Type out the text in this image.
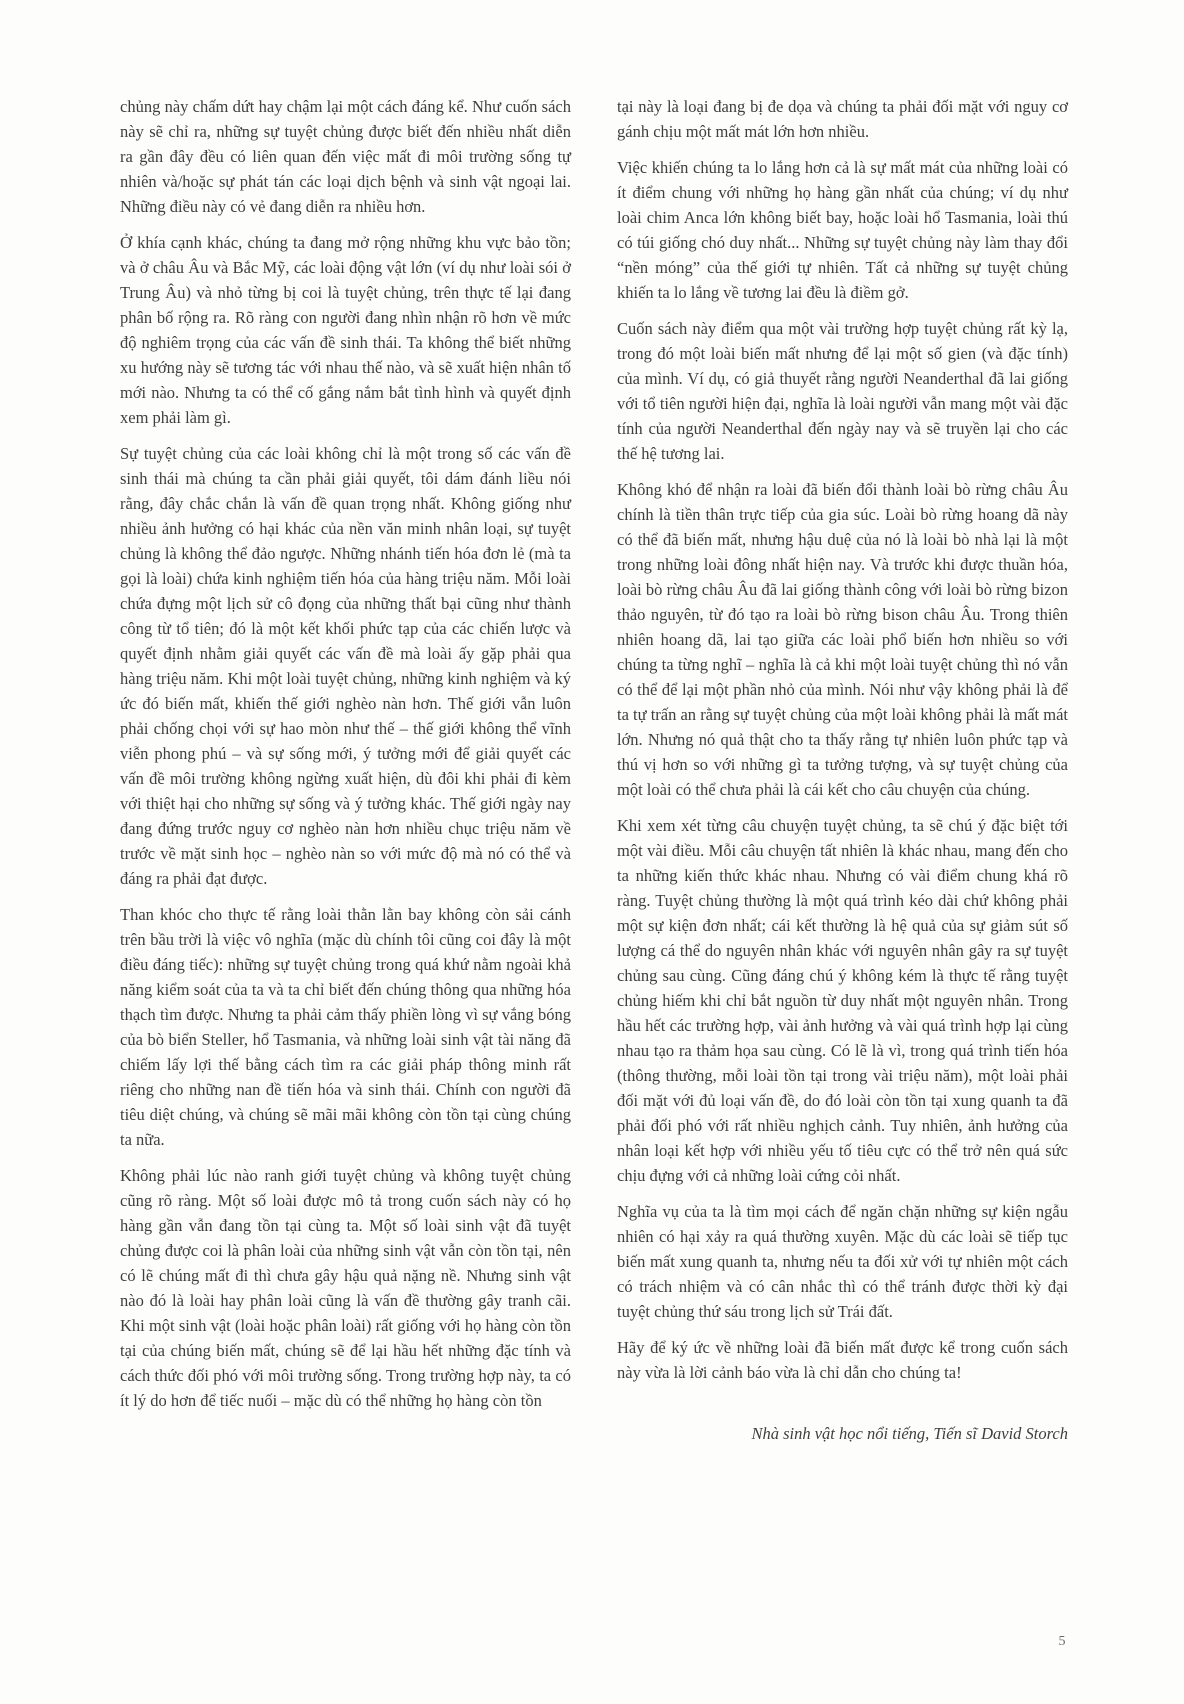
chủng này chấm dứt hay chậm lại một cách đáng kể. Như cuốn sách này sẽ chỉ ra, những sự tuyệt chủng được biết đến nhiều nhất diễn ra gần đây đều có liên quan đến việc mất đi môi trường sống tự nhiên và/hoặc sự phát tán các loại dịch bệnh và sinh vật ngoại lai. Những điều này có vẻ đang diễn ra nhiều hơn.

Ở khía cạnh khác, chúng ta đang mở rộng những khu vực bảo tồn; và ở châu Âu và Bắc Mỹ, các loài động vật lớn (ví dụ như loài sói ở Trung Âu) và nhỏ từng bị coi là tuyệt chủng, trên thực tế lại đang phân bố rộng ra. Rõ ràng con người đang nhìn nhận rõ hơn về mức độ nghiêm trọng của các vấn đề sinh thái. Ta không thể biết những xu hướng này sẽ tương tác với nhau thế nào, và sẽ xuất hiện nhân tố mới nào. Nhưng ta có thể cố gắng nắm bắt tình hình và quyết định xem phải làm gì.

Sự tuyệt chủng của các loài không chỉ là một trong số các vấn đề sinh thái mà chúng ta cần phải giải quyết, tôi dám đánh liều nói rằng, đây chắc chắn là vấn đề quan trọng nhất. Không giống như nhiều ảnh hưởng có hại khác của nền văn minh nhân loại, sự tuyệt chủng là không thể đảo ngược. Những nhánh tiến hóa đơn lẻ (mà ta gọi là loài) chứa kinh nghiệm tiến hóa của hàng triệu năm. Mỗi loài chứa đựng một lịch sử cô đọng của những thất bại cũng như thành công từ tổ tiên; đó là một kết khối phức tạp của các chiến lược và quyết định nhằm giải quyết các vấn đề mà loài ấy gặp phải qua hàng triệu năm. Khi một loài tuyệt chủng, những kinh nghiệm và ký ức đó biến mất, khiến thế giới nghèo nàn hơn. Thế giới vẫn luôn phải chống chọi với sự hao mòn như thế – thế giới không thể vĩnh viễn phong phú – và sự sống mới, ý tưởng mới để giải quyết các vấn đề môi trường không ngừng xuất hiện, dù đôi khi phải đi kèm với thiệt hại cho những sự sống và ý tưởng khác. Thế giới ngày nay đang đứng trước nguy cơ nghèo nàn hơn nhiều chục triệu năm về trước về mặt sinh học – nghèo nàn so với mức độ mà nó có thể và đáng ra phải đạt được.

Than khóc cho thực tế rằng loài thằn lằn bay không còn sải cánh trên bầu trời là việc vô nghĩa (mặc dù chính tôi cũng coi đây là một điều đáng tiếc): những sự tuyệt chủng trong quá khứ nằm ngoài khả năng kiểm soát của ta và ta chỉ biết đến chúng thông qua những hóa thạch tìm được. Nhưng ta phải cảm thấy phiền lòng vì sự vắng bóng của bò biển Steller, hổ Tasmania, và những loài sinh vật tài năng đã chiếm lấy lợi thế bằng cách tìm ra các giải pháp thông minh rất riêng cho những nan đề tiến hóa và sinh thái. Chính con người đã tiêu diệt chúng, và chúng sẽ mãi mãi không còn tồn tại cùng chúng ta nữa.

Không phải lúc nào ranh giới tuyệt chủng và không tuyệt chủng cũng rõ ràng. Một số loài được mô tả trong cuốn sách này có họ hàng gần vẫn đang tồn tại cùng ta. Một số loài sinh vật đã tuyệt chủng được coi là phân loài của những sinh vật vẫn còn tồn tại, nên có lẽ chúng mất đi thì chưa gây hậu quả nặng nề. Nhưng sinh vật nào đó là loài hay phân loài cũng là vấn đề thường gây tranh cãi. Khi một sinh vật (loài hoặc phân loài) rất giống với họ hàng còn tồn tại của chúng biến mất, chúng sẽ để lại hầu hết những đặc tính và cách thức đối phó với môi trường sống. Trong trường hợp này, ta có ít lý do hơn để tiếc nuối – mặc dù có thể những họ hàng còn tồn

tại này là loại đang bị đe dọa và chúng ta phải đối mặt với nguy cơ gánh chịu một mất mát lớn hơn nhiều.

Việc khiến chúng ta lo lắng hơn cả là sự mất mát của những loài có ít điểm chung với những họ hàng gần nhất của chúng; ví dụ như loài chim Anca lớn không biết bay, hoặc loài hổ Tasmania, loài thú có túi giống chó duy nhất... Những sự tuyệt chủng này làm thay đổi “nền móng” của thế giới tự nhiên. Tất cả những sự tuyệt chủng khiến ta lo lắng về tương lai đều là điềm gở.

Cuốn sách này điểm qua một vài trường hợp tuyệt chủng rất kỳ lạ, trong đó một loài biến mất nhưng để lại một số gien (và đặc tính) của mình. Ví dụ, có giả thuyết rằng người Neanderthal đã lai giống với tổ tiên người hiện đại, nghĩa là loài người vẫn mang một vài đặc tính của người Neanderthal đến ngày nay và sẽ truyền lại cho các thế hệ tương lai.

Không khó để nhận ra loài đã biến đổi thành loài bò rừng châu Âu chính là tiền thân trực tiếp của gia súc. Loài bò rừng hoang dã này có thể đã biến mất, nhưng hậu duệ của nó là loài bò nhà lại là một trong những loài đông nhất hiện nay. Và trước khi được thuần hóa, loài bò rừng châu Âu đã lai giống thành công với loài bò rừng bizon thảo nguyên, từ đó tạo ra loài bò rừng bison châu Âu. Trong thiên nhiên hoang dã, lai tạo giữa các loài phổ biến hơn nhiều so với chúng ta từng nghĩ – nghĩa là cả khi một loài tuyệt chủng thì nó vẫn có thể để lại một phần nhỏ của mình. Nói như vậy không phải là để ta tự trấn an rằng sự tuyệt chủng của một loài không phải là mất mát lớn. Nhưng nó quả thật cho ta thấy rằng tự nhiên luôn phức tạp và thú vị hơn so với những gì ta tưởng tượng, và sự tuyệt chủng của một loài có thể chưa phải là cái kết cho câu chuyện của chúng.

Khi xem xét từng câu chuyện tuyệt chủng, ta sẽ chú ý đặc biệt tới một vài điều. Mỗi câu chuyện tất nhiên là khác nhau, mang đến cho ta những kiến thức khác nhau. Nhưng có vài điểm chung khá rõ ràng. Tuyệt chủng thường là một quá trình kéo dài chứ không phải một sự kiện đơn nhất; cái kết thường là hệ quả của sự giảm sút số lượng cá thể do nguyên nhân khác với nguyên nhân gây ra sự tuyệt chủng sau cùng. Cũng đáng chú ý không kém là thực tế rằng tuyệt chủng hiếm khi chỉ bắt nguồn từ duy nhất một nguyên nhân. Trong hầu hết các trường hợp, vài ảnh hưởng và vài quá trình hợp lại cùng nhau tạo ra thảm họa sau cùng. Có lẽ là vì, trong quá trình tiến hóa (thông thường, mỗi loài tồn tại trong vài triệu năm), một loài phải đối mặt với đủ loại vấn đề, do đó loài còn tồn tại xung quanh ta đã phải đối phó với rất nhiều nghịch cảnh. Tuy nhiên, ảnh hưởng của nhân loại kết hợp với nhiều yếu tố tiêu cực có thể trở nên quá sức chịu đựng với cả những loài cứng cỏi nhất.

Nghĩa vụ của ta là tìm mọi cách để ngăn chặn những sự kiện ngẫu nhiên có hại xảy ra quá thường xuyên. Mặc dù các loài sẽ tiếp tục biến mất xung quanh ta, nhưng nếu ta đối xử với tự nhiên một cách có trách nhiệm và có cân nhắc thì có thể tránh được thời kỳ đại tuyệt chủng thứ sáu trong lịch sử Trái đất.

Hãy để ký ức về những loài đã biến mất được kể trong cuốn sách này vừa là lời cảnh báo vừa là chỉ dẫn cho chúng ta!

Nhà sinh vật học nổi tiếng, Tiến sĩ David Storch
5
